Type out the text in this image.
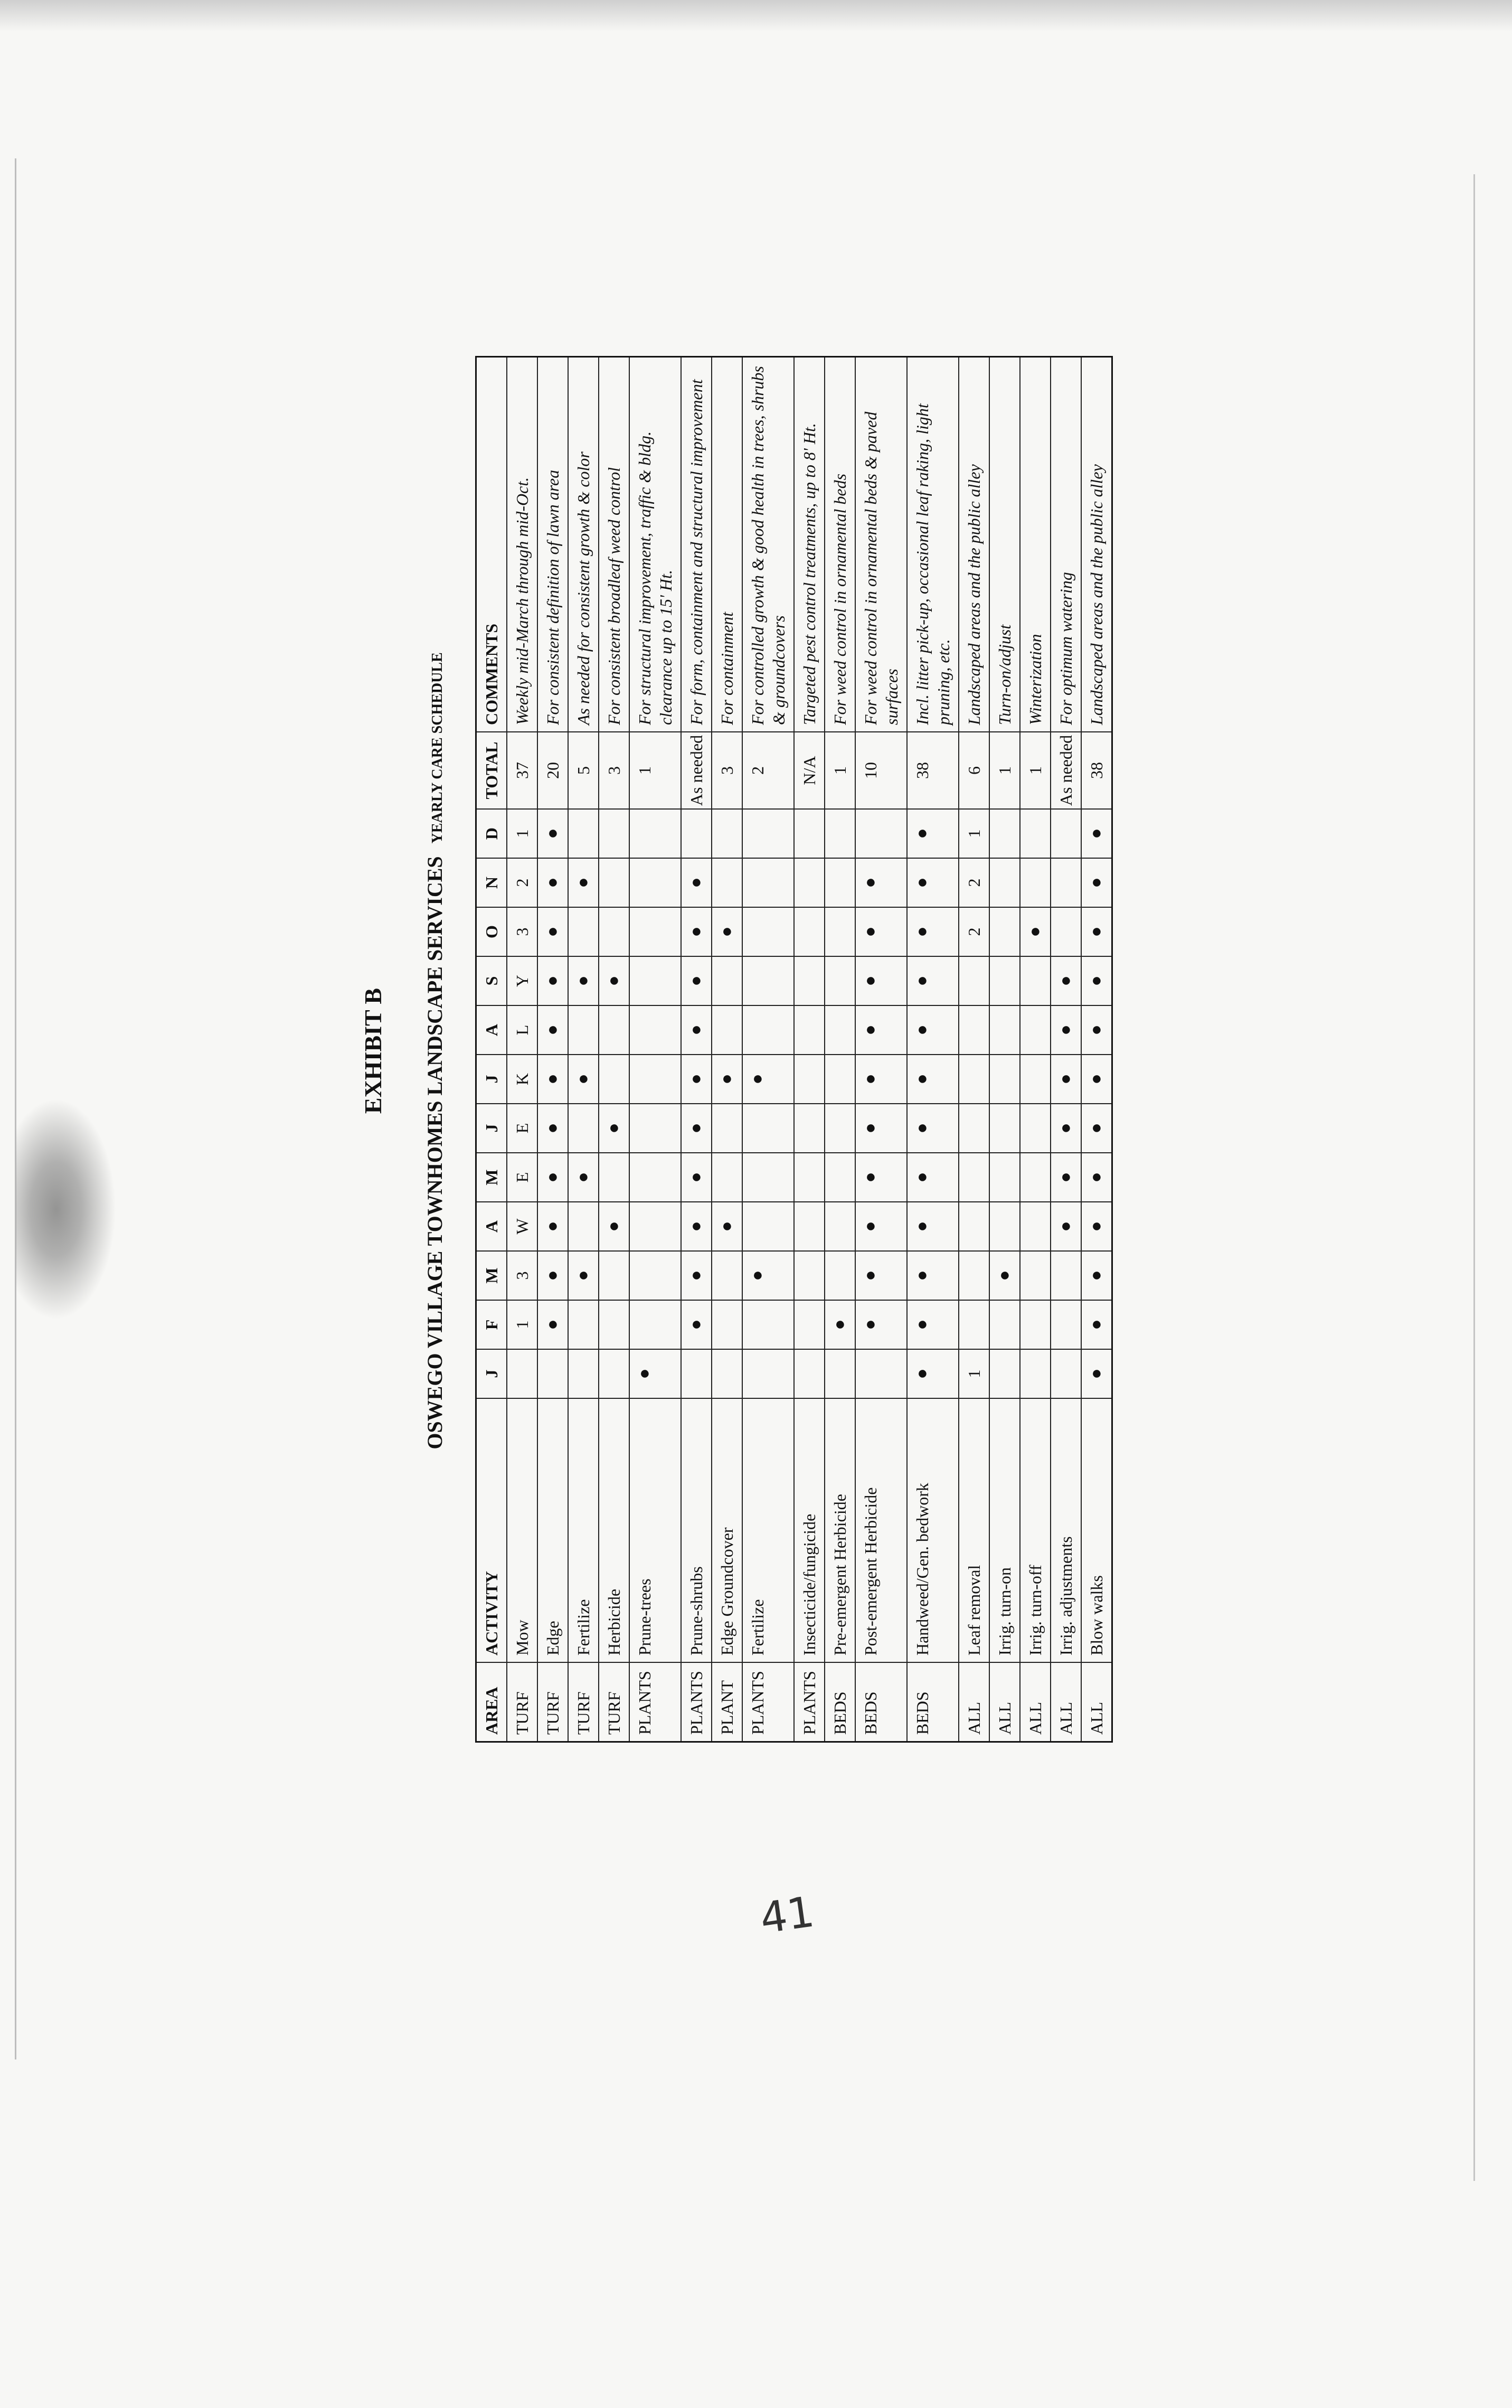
EXHIBIT B OSWEGO VILLAGE TOWNHOMES LANDSCAPE SERVICES YEARLY CARE SCHEDULE
AREA
ACTIVITY
J
F
M
A
M
J
J
A
S
O
N
D
TOTAL
COMMENTS
TURF
Mow
1
3
W
E
E
K
L
Y
3
2
1
37
Weekly mid-March through mid-Oct.
TURF
Edge
●
●
●
●
●
●
●
●
●
●
●
20
For consistent definition of lawn area
TURF
Fertilize
●
●
●
●
●
5
As needed for consistent growth & color
TURF
Herbicide
●
●
●
3
For consistent broadleaf weed control
PLANTS
Prune-trees
●
1
For structural improvement, traffic & bldg. clearance up to 15' Ht.
PLANTS
Prune-shrubs
●
●
●
●
●
●
●
●
●
●
As needed
For form, containment and structural improvement
PLANT
Edge Groundcover
●
●
●
3
For containment
PLANTS
Fertilize
●
●
2
For controlled growth & good health in trees, shrubs & groundcovers
PLANTS
Insecticide/fungicide
N/A
Targeted pest control treatments, up to 8' Ht.
BEDS
Pre-emergent Herbicide
●
1
For weed control in ornamental beds
BEDS
Post-emergent Herbicide
●
●
●
●
●
●
●
●
●
●
10
For weed control in ornamental beds & paved surfaces
BEDS
Handweed/Gen. bedwork
●
●
●
●
●
●
●
●
●
●
●
●
38
Incl. litter pick-up, occasional leaf raking, light pruning, etc.
ALL
Leaf removal
1
2
2
1
6
Landscaped areas and the public alley
ALL
Irrig. turn-on
●
1
Turn-on/adjust
ALL
Irrig. turn-off
●
1
Winterization
ALL
Irrig. adjustments
●
●
●
●
●
●
As needed
For optimum watering
ALL
Blow walks
●
●
●
●
●
●
●
●
●
●
●
●
38
Landscaped areas and the public alley
41
